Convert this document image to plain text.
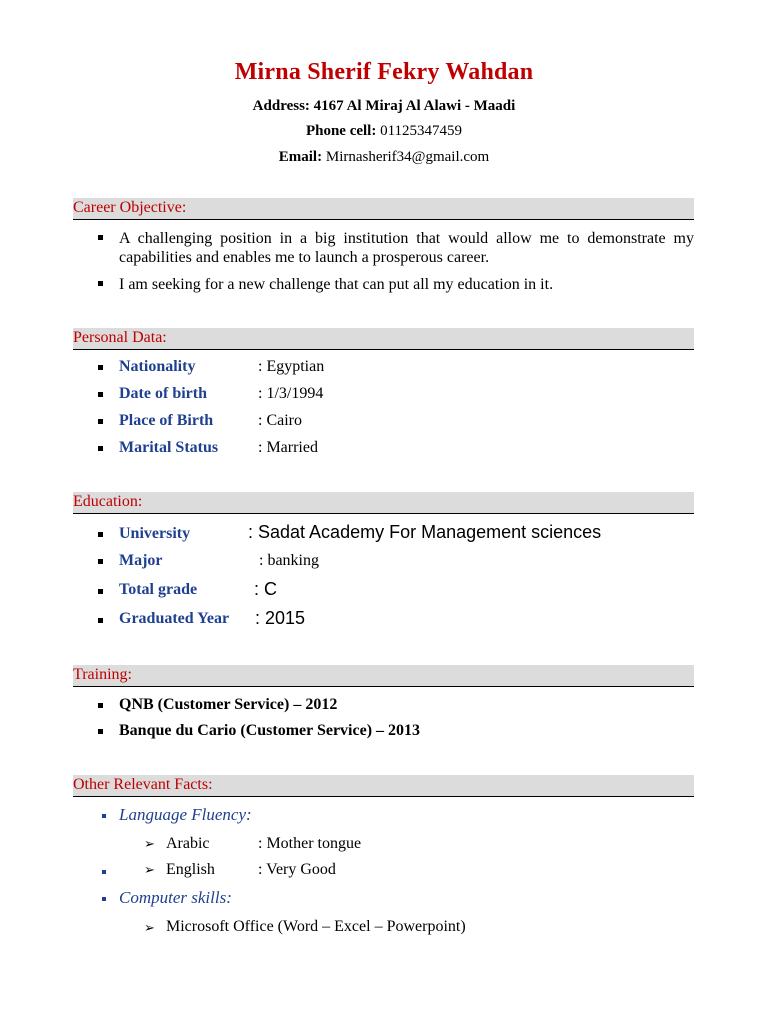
Mirna Sherif Fekry Wahdan
Address: 4167 Al Miraj Al Alawi - Maadi
Phone cell: 01125347459
Email: Mirnasherif34@gmail.com
Career Objective:
A challenging position in a big institution that would allow me to demonstrate my capabilities and enables me to launch a prosperous career.
I am seeking for a new challenge that can put all my education in it.
Personal Data:
Nationality	: Egyptian
Date of birth	: 1/3/1994
Place of Birth	: Cairo
Marital Status : Married
Education:
University	: Sadat Academy For Management sciences
Major	: banking
Total grade	: C
Graduated Year : 2015
Training:
QNB (Customer Service) – 2012
Banque du Cario (Customer Service) – 2013
Other Relevant Facts:
Language Fluency:
➢ Arabic	: Mother tongue
➢ English	: Very Good
Computer skills:
➢ Microsoft Office (Word – Excel – Powerpoint)
